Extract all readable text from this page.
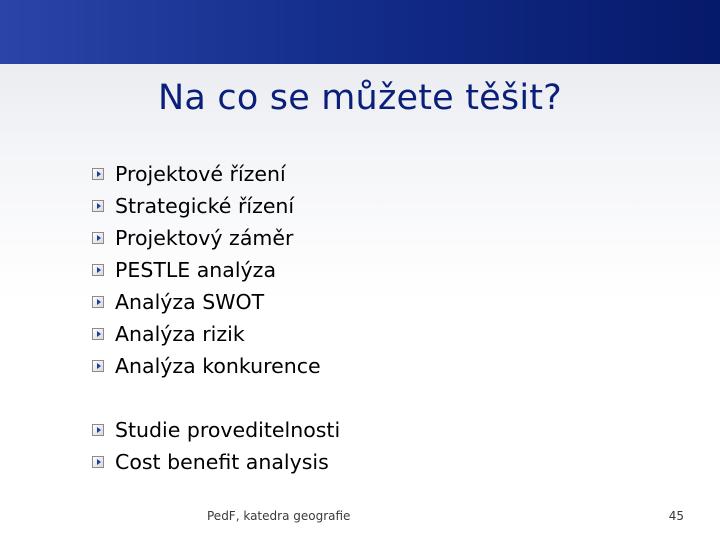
Na co se můžete těšit?
Projektové řízení
Strategické řízení
Projektový záměr
PESTLE analýza
Analýza SWOT
Analýza rizik
Analýza konkurence
Studie proveditelnosti
Cost benefit analysis
PedF, katedra geografie	45
